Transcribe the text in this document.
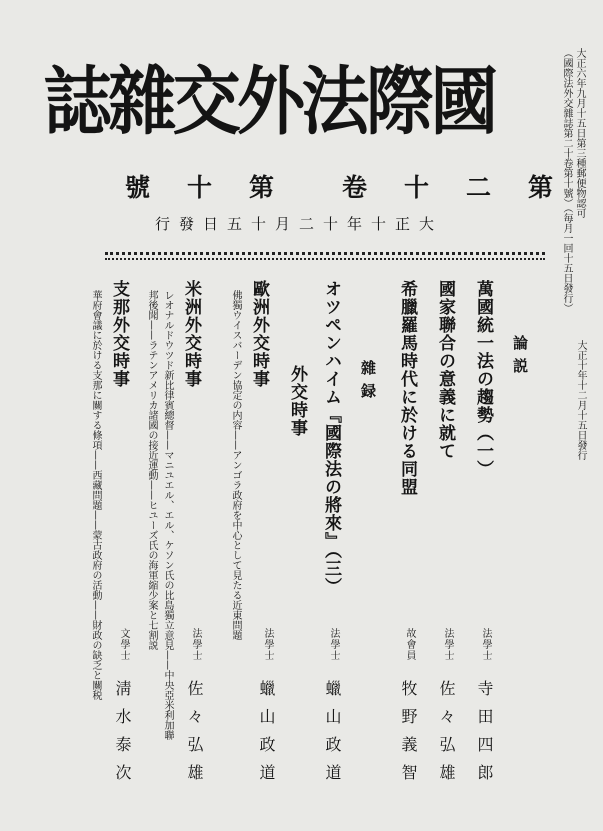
誌雜交外法際國
號　十　第　　卷　十　二　第
行發日五十月二十年十正大
大正六年九月十五日第三種郵便物認可
（國際法外交雜誌第二十卷第十號）（毎月一回十五日發行）
大正十年十二月十五日發行
論説
萬國統一法の趨勢（一）
法學士
寺田四郎
國家聯合の意義に就て
法學士
佐々弘雄
希臘羅馬時代に於ける同盟
故會員
牧野義智
雜録
オツペンハイム『國際法の將來』（三）
法學士
蠟山政道
外交時事
歐洲外交時事
佛獨ウイスバーデン協定の内容——アンゴラ政府を中心として見たる近東問題
法學士
蠟山政道
米洲外交時事
レオナルドウツド新比律賓總督——マニユエル、エル、ケソン氏の比島獨立意見——中央亞米利加聯
邦後聞——ラテンアメリカ諸國の接近運動——ヒユーズ氏の海軍縮少案と七割説	法學士
佐々弘雄
支那外交時事
華府會議に於ける支那に關する條項——西藏問題——蒙古政府の活動——財政の缺乏と關税 文學士
淸水泰次
